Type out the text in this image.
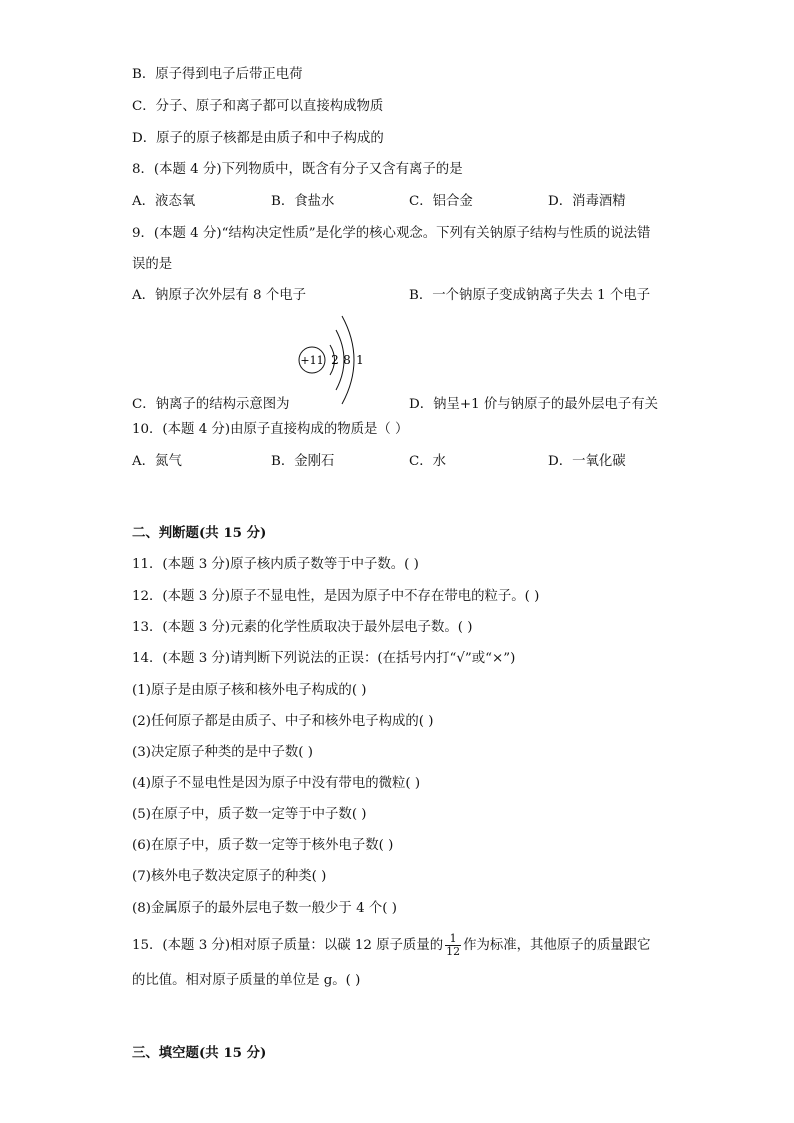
B．原子得到电子后带正电荷
C．分子、原子和离子都可以直接构成物质
D．原子的原子核都是由质子和中子构成的
8．(本题 4 分)下列物质中，既含有分子又含有离子的是
A．液态氧	B．食盐水	C．铝合金	D．消毒酒精
9．(本题 4 分)“结构决定性质”是化学的核心观念。下列有关钠原子结构与性质的说法错
误的是
A．钠原子次外层有 8 个电子	B．一个钠原子变成钠离子失去 1 个电子
+11 2 8 1
C．钠离子的结构示意图为	D．钠呈+1 价与钠原子的最外层电子有关
10．(本题 4 分)由原子直接构成的物质是（ ）
A．氮气	B．金刚石	C．水	D．一氧化碳
二、判断题(共 15 分)
11．(本题 3 分)原子核内质子数等于中子数。( )
12．(本题 3 分)原子不显电性，是因为原子中不存在带电的粒子。( )
13．(本题 3 分)元素的化学性质取决于最外层电子数。( )
14．(本题 3 分)请判断下列说法的正误：(在括号内打“√”或“×”)
(1)原子是由原子核和核外电子构成的( )
(2)任何原子都是由质子、中子和核外电子构成的( )
(3)决定原子种类的是中子数( )
(4)原子不显电性是因为原子中没有带电的微粒( )
(5)在原子中，质子数一定等于中子数( )
(6)在原子中，质子数一定等于核外电子数( )
(7)核外电子数决定原子的种类( )
(8)金属原子的最外层电子数一般少于 4 个( )
15．(本题 3 分)相对原子质量：以碳 12 原子质量的 $\frac{1}{12}$ 作为标准，其他原子的质量跟它
的比值。相对原子质量的单位是 g。( )
三、填空题(共 15 分)
